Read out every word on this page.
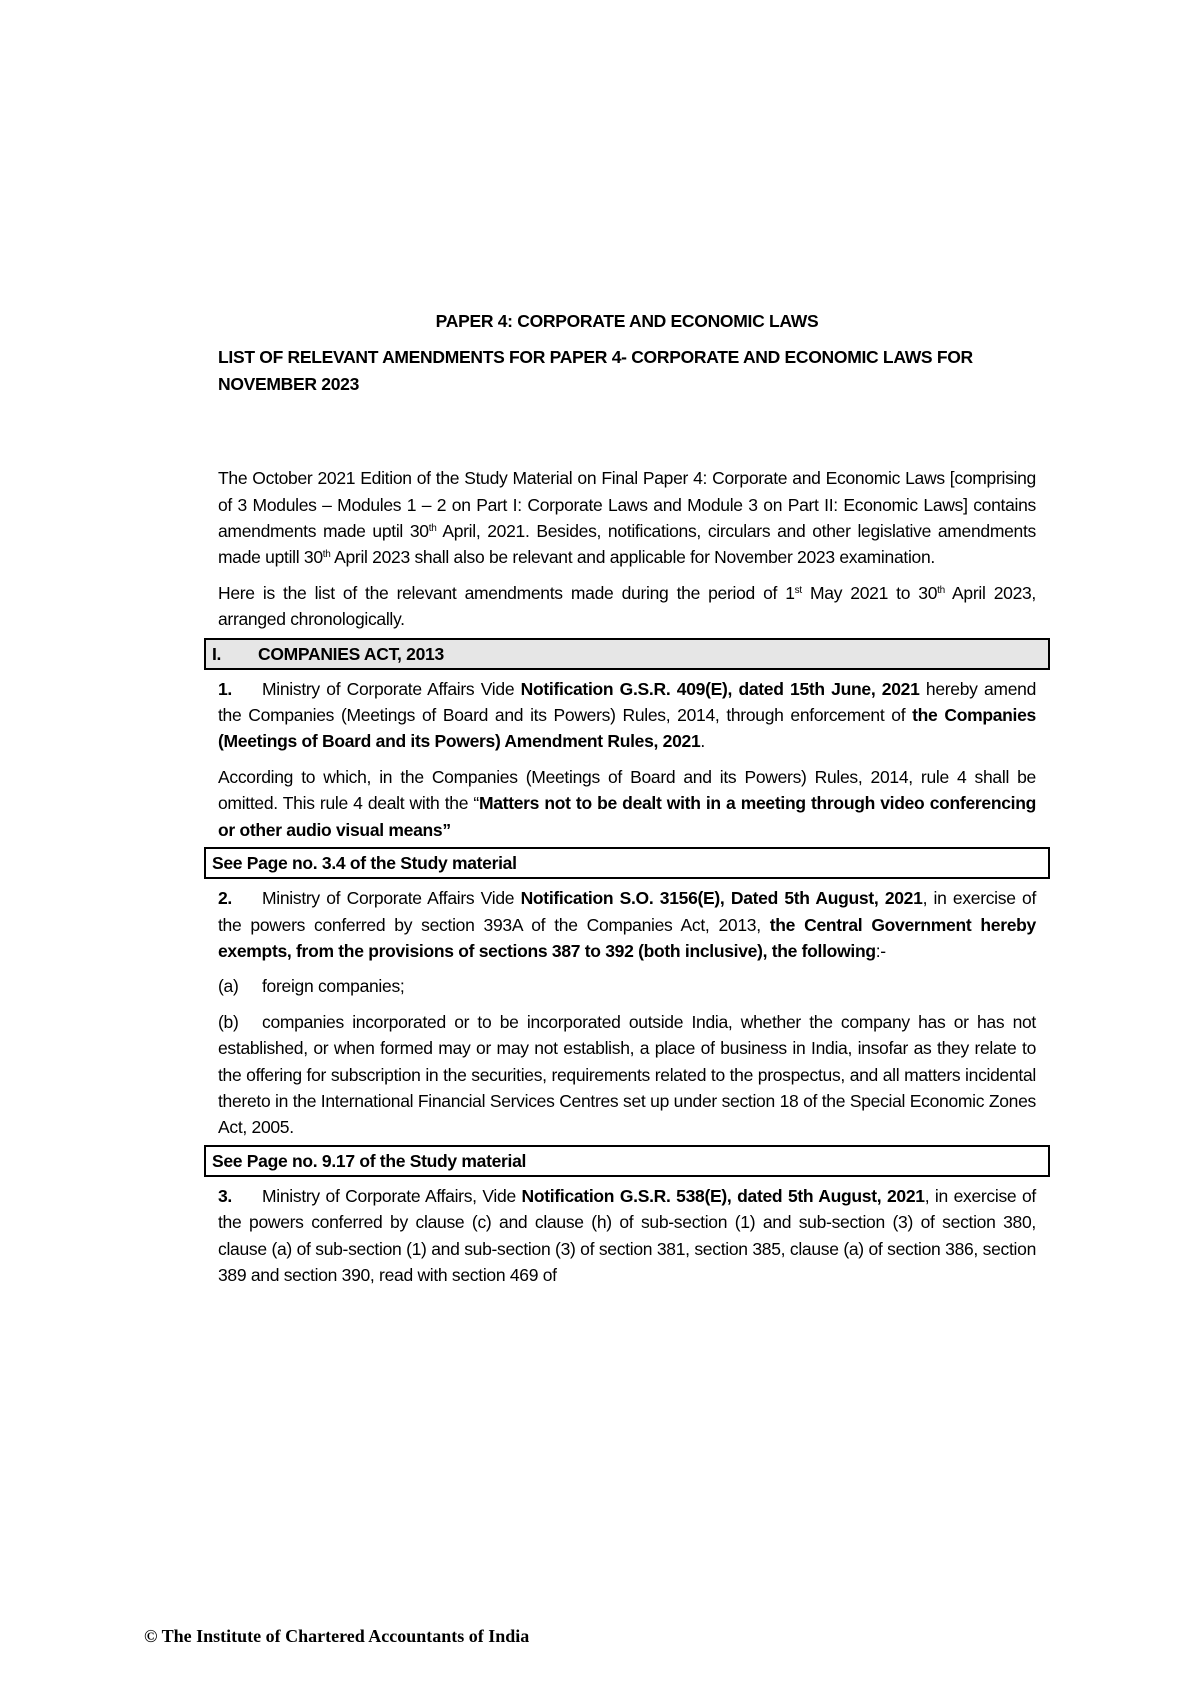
PAPER 4: CORPORATE AND ECONOMIC LAWS

LIST OF RELEVANT AMENDMENTS FOR PAPER 4- CORPORATE AND ECONOMIC LAWS FOR NOVEMBER 2023

The October 2021 Edition of the Study Material on Final Paper 4: Corporate and Economic Laws [comprising of 3 Modules – Modules 1 – 2 on Part I: Corporate Laws and Module 3 on Part II: Economic Laws] contains amendments made uptil 30th April, 2021. Besides, notifications, circulars and other legislative amendments made uptill 30th April 2023 shall also be relevant and applicable for November 2023 examination.

Here is the list of the relevant amendments made during the period of 1st May 2021 to 30th April 2023, arranged chronologically.

I. COMPANIES ACT, 2013

1. Ministry of Corporate Affairs Vide Notification G.S.R. 409(E), dated 15th June, 2021 hereby amend the Companies (Meetings of Board and its Powers) Rules, 2014, through enforcement of the Companies (Meetings of Board and its Powers) Amendment Rules, 2021.

According to which, in the Companies (Meetings of Board and its Powers) Rules, 2014, rule 4 shall be omitted. This rule 4 dealt with the “Matters not to be dealt with in a meeting through video conferencing or other audio visual means”

See Page no. 3.4 of the Study material

2. Ministry of Corporate Affairs Vide Notification S.O. 3156(E), Dated 5th August, 2021, in exercise of the powers conferred by section 393A of the Companies Act, 2013, the Central Government hereby exempts, from the provisions of sections 387 to 392 (both inclusive), the following:-

(a) foreign companies;

(b) companies incorporated or to be incorporated outside India, whether the company has or has not established, or when formed may or may not establish, a place of business in India, insofar as they relate to the offering for subscription in the securities, requirements related to the prospectus, and all matters incidental thereto in the International Financial Services Centres set up under section 18 of the Special Economic Zones Act, 2005.

See Page no. 9.17 of the Study material

3. Ministry of Corporate Affairs, Vide Notification G.S.R. 538(E), dated 5th August, 2021, in exercise of the powers conferred by clause (c) and clause (h) of sub-section (1) and sub-section (3) of section 380, clause (a) of sub-section (1) and sub-section (3) of section 381, section 385, clause (a) of section 386, section 389 and section 390, read with section 469 of

© The Institute of Chartered Accountants of India
